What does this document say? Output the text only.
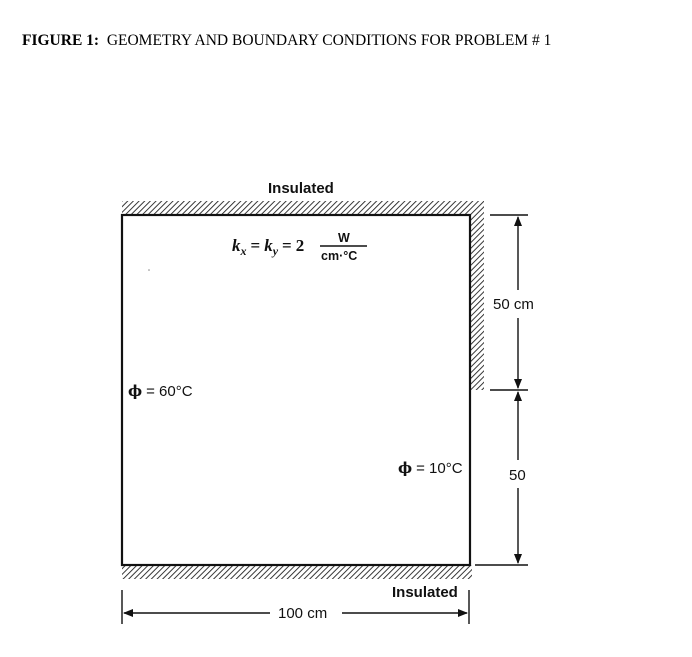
FIGURE 1: GEOMETRY AND BOUNDARY CONDITIONS FOR PROBLEM # 1
Insulated
$k_x = k_y = 2$	W
cm·°C
ϕ = 60°C
ϕ = 10°C
50 cm
50
Insulated
100 cm
